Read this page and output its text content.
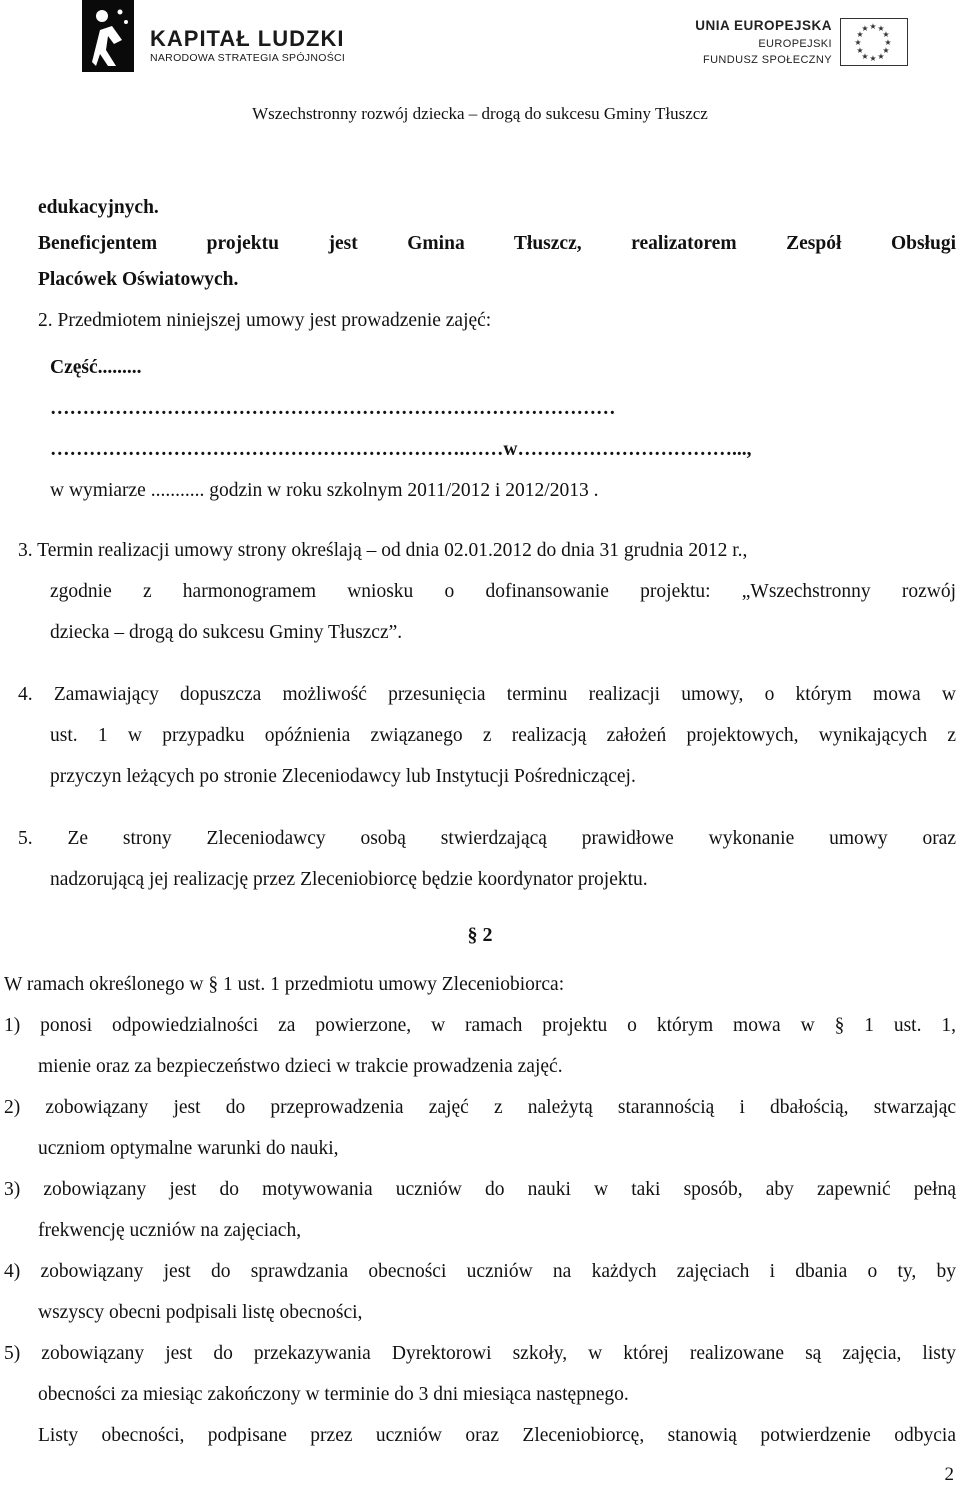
KAPITAŁ LUDZKI
NARODOWA STRATEGIA SPÓJNOŚCI
UNIA EUROPEJSKA
EUROPEJSKI
FUNDUSZ SPOŁECZNY
★ ★
★
★
★
★
★
★
★
★
★
★
Wszechstronny rozwój dziecka – drogą do sukcesu Gminy Tłuszcz
edukacyjnych.
Beneficjentem projektu jest Gmina Tłuszcz, realizatorem Zespół Obsługi
Placówek Oświatowych.
2. Przedmiotem niniejszej umowy jest prowadzenie zajęć:
Część.........
……………………………………………………………………………
……………………………………………………….……w……………………………...,
w wymiarze ........... godzin w roku szkolnym 2011/2012 i 2012/2013 .
3. Termin realizacji umowy strony określają – od dnia 02.01.2012 do dnia 31 grudnia 2012 r.,
zgodnie z harmonogramem wniosku o dofinansowanie projektu: „Wszechstronny rozwój
dziecka – drogą do sukcesu Gminy Tłuszcz”.
4. Zamawiający dopuszcza możliwość przesunięcia terminu realizacji umowy, o którym mowa w
ust. 1 w przypadku opóźnienia związanego z realizacją założeń projektowych, wynikających z
przyczyn leżących po stronie Zleceniodawcy lub Instytucji Pośredniczącej.
5. Ze strony Zleceniodawcy osobą stwierdzającą prawidłowe wykonanie umowy oraz
nadzorującą jej realizację przez Zleceniobiorcę będzie koordynator projektu.
§ 2
W ramach określonego w § 1 ust. 1 przedmiotu umowy Zleceniobiorca:
1) ponosi odpowiedzialności za powierzone, w ramach projektu o którym mowa w § 1 ust. 1,
mienie oraz za bezpieczeństwo dzieci w trakcie prowadzenia zajęć.
2) zobowiązany jest do przeprowadzenia zajęć z należytą starannością i dbałością, stwarzając
uczniom optymalne warunki do nauki,
3) zobowiązany jest do motywowania uczniów do nauki w taki sposób, aby zapewnić pełną
frekwencję uczniów na zajęciach,
4) zobowiązany jest do sprawdzania obecności uczniów na każdych zajęciach i dbania o ty, by
wszyscy obecni podpisali listę obecności,
5) zobowiązany jest do przekazywania Dyrektorowi szkoły, w której realizowane są zajęcia, listy
obecności za miesiąc zakończony w terminie do 3 dni miesiąca następnego.
Listy obecności, podpisane przez uczniów oraz Zleceniobiorcę, stanowią potwierdzenie odbycia
2
